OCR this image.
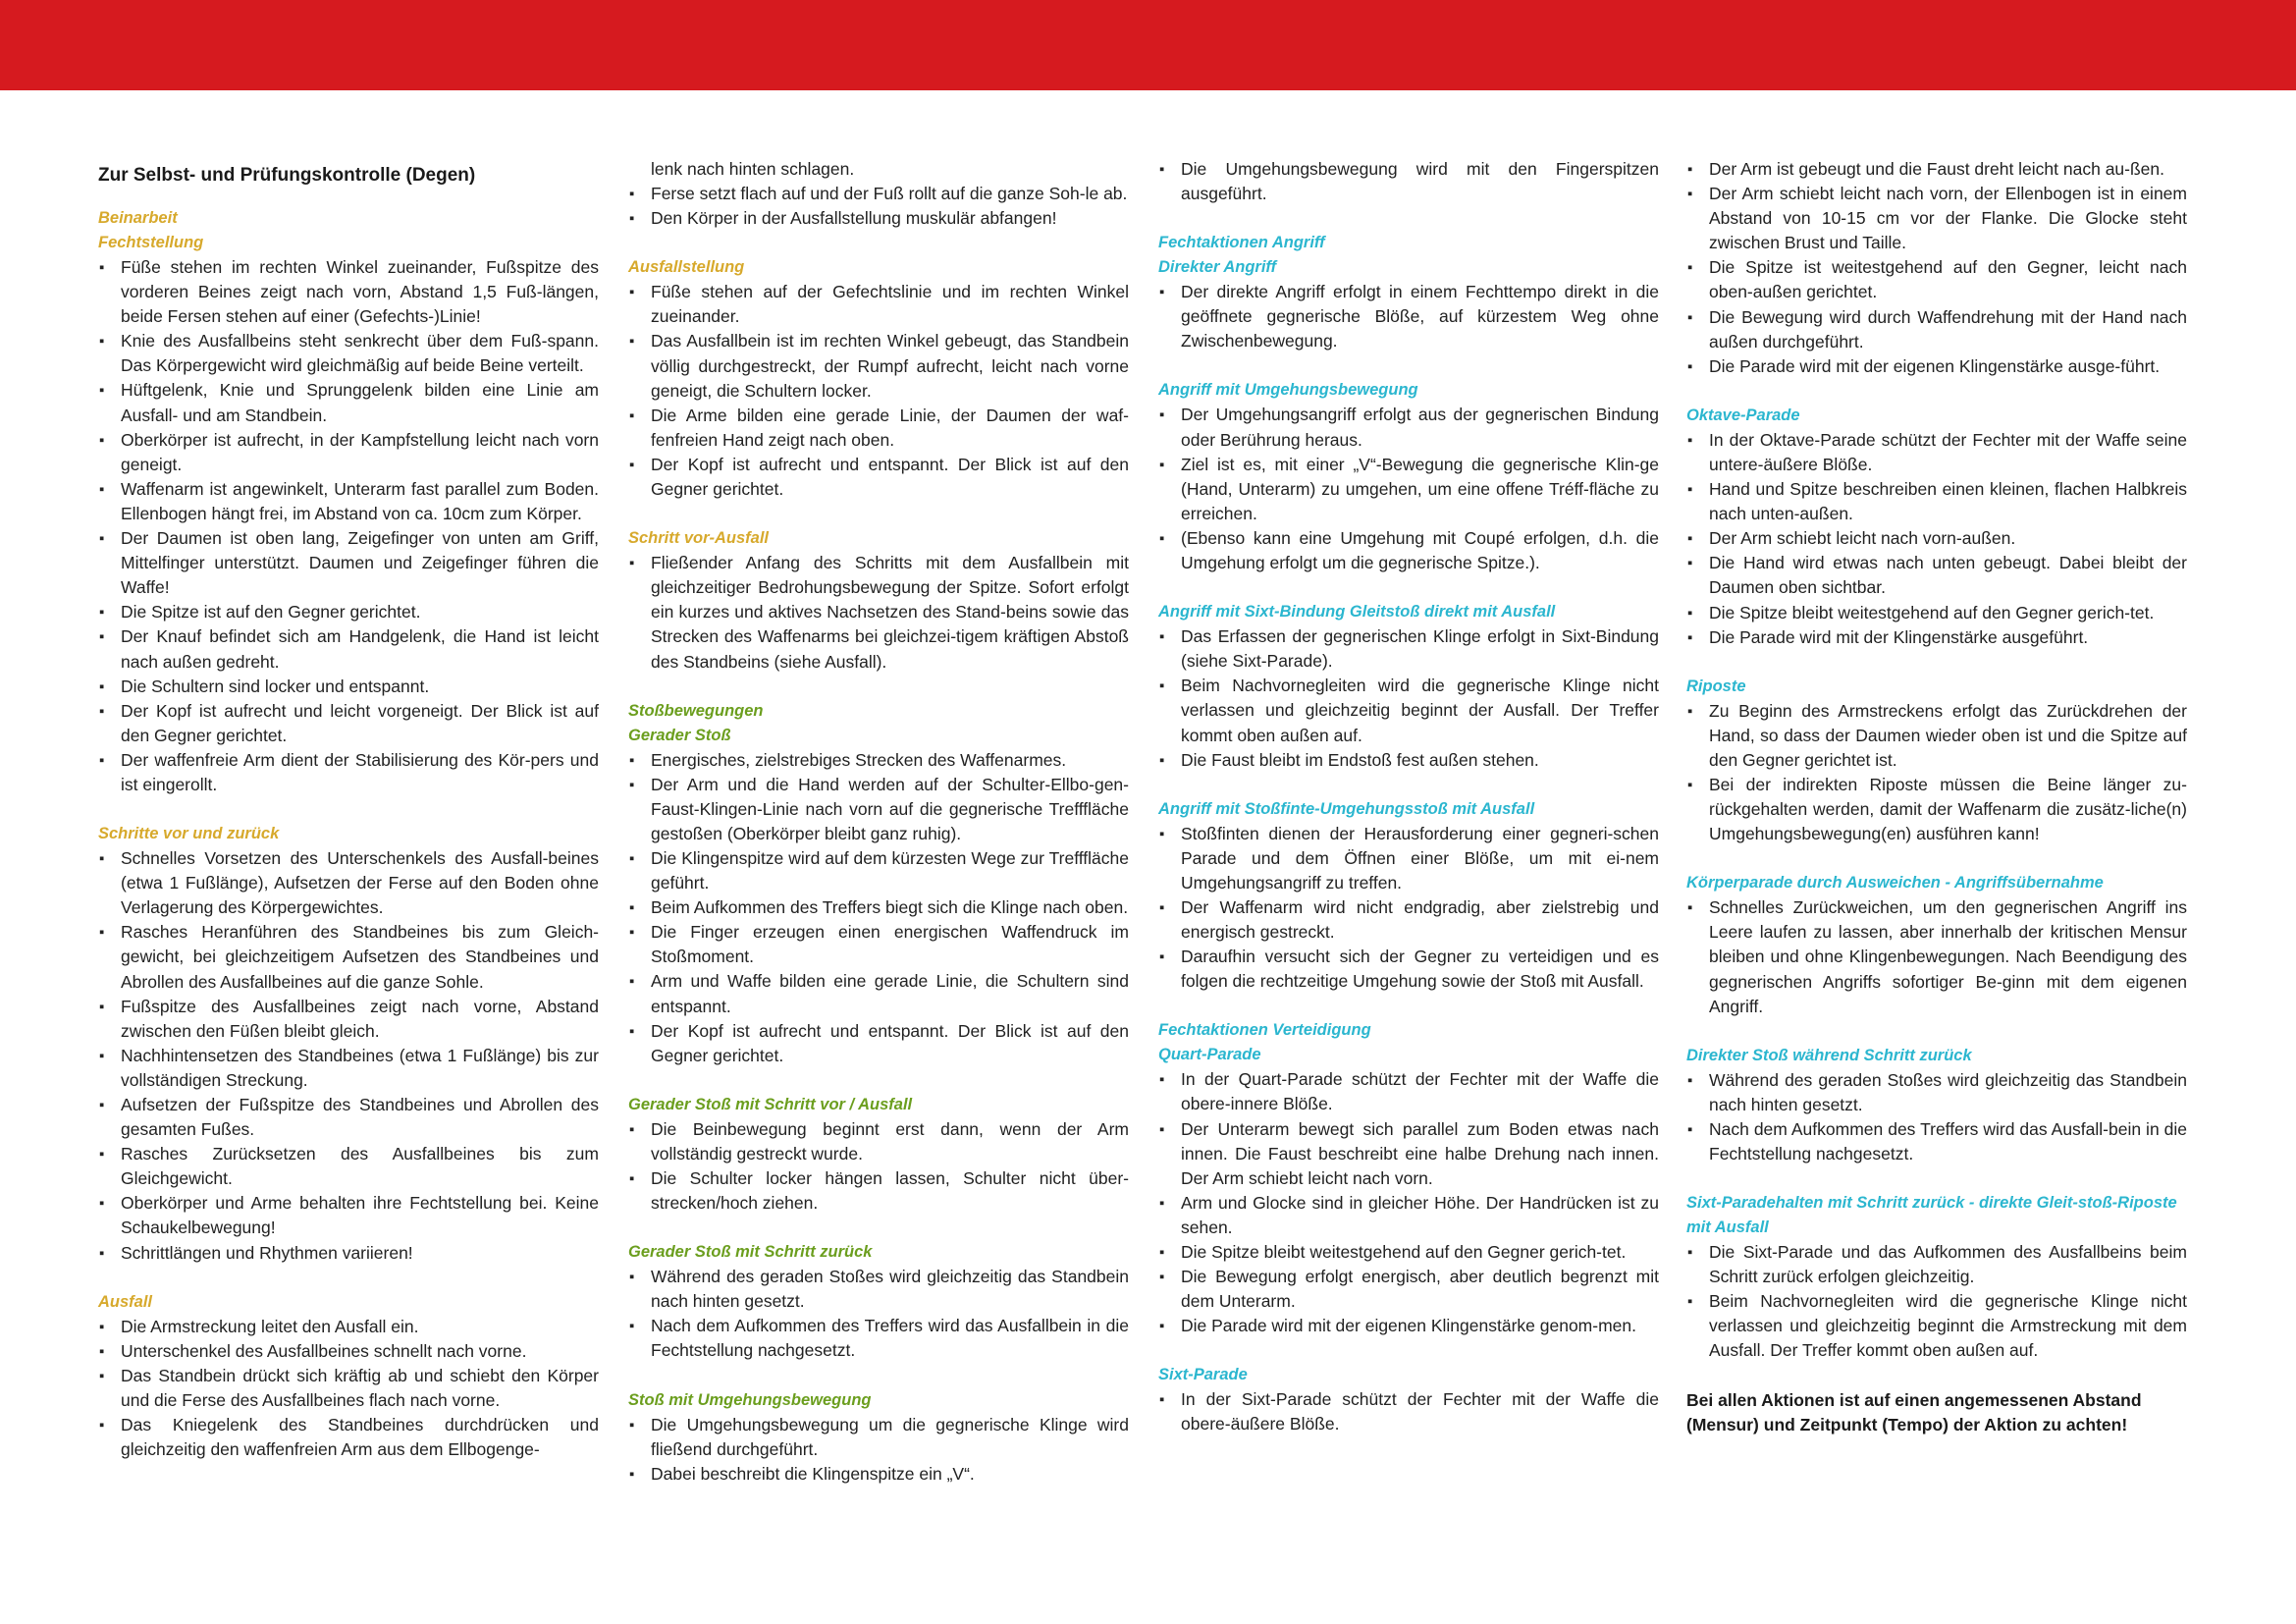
Zur Selbst- und Prüfungskontrolle (Degen)
Beinarbeit
Fechtstellung
▪ Füße stehen im rechten Winkel zueinander, Fußspitze des vorderen Beines zeigt nach vorn, Abstand 1,5 Fuß-längen, beide Fersen stehen auf einer (Gefechts-)Linie!
▪ Knie des Ausfallbeins steht senkrecht über dem Fuß-spann. Das Körpergewicht wird gleichmäßig auf beide Beine verteilt.
▪ Hüftgelenk, Knie und Sprunggelenk bilden eine Linie am Ausfall- und am Standbein.
▪ Oberkörper ist aufrecht, in der Kampfstellung leicht nach vorn geneigt.
▪ Waffenarm ist angewinkelt, Unterarm fast parallel zum Boden. Ellenbogen hängt frei, im Abstand von ca. 10cm zum Körper.
▪ Der Daumen ist oben lang, Zeigefinger von unten am Griff, Mittelfinger unterstützt. Daumen und Zeigefinger führen die Waffe!
▪ Die Spitze ist auf den Gegner gerichtet.
▪ Der Knauf befindet sich am Handgelenk, die Hand ist leicht nach außen gedreht.
▪ Die Schultern sind locker und entspannt.
▪ Der Kopf ist aufrecht und leicht vorgeneigt. Der Blick ist auf den Gegner gerichtet.
▪ Der waffenfreie Arm dient der Stabilisierung des Kör-pers und ist eingerollt.
Schritte vor und zurück
▪ Schnelles Vorsetzen des Unterschenkels des Ausfall-beines (etwa 1 Fußlänge), Aufsetzen der Ferse auf den Boden ohne Verlagerung des Körpergewichtes.
▪ Rasches Heranführen des Standbeines bis zum Gleich-gewicht, bei gleichzeitigem Aufsetzen des Standbeines und Abrollen des Ausfallbeines auf die ganze Sohle.
▪ Fußspitze des Ausfallbeines zeigt nach vorne, Abstand zwischen den Füßen bleibt gleich.
▪ Nachhintensetzen des Standbeines (etwa 1 Fußlänge) bis zur vollständigen Streckung.
▪ Aufsetzen der Fußspitze des Standbeines und Abrollen des gesamten Fußes.
▪ Rasches Zurücksetzen des Ausfallbeines bis zum Gleichgewicht.
▪ Oberkörper und Arme behalten ihre Fechtstellung bei. Keine Schaukelbewegung!
▪ Schrittlängen und Rhythmen variieren!
Ausfall
▪ Die Armstreckung leitet den Ausfall ein.
▪ Unterschenkel des Ausfallbeines schnellt nach vorne.
▪ Das Standbein drückt sich kräftig ab und schiebt den Körper und die Ferse des Ausfallbeines flach nach vorne.
▪ Das Kniegelenk des Standbeines durchdrücken und gleichzeitig den waffenfreien Arm aus dem Ellbogenge-
lenk nach hinten schlagen.
▪ Ferse setzt flach auf und der Fuß rollt auf die ganze Soh-le ab.
▪ Den Körper in der Ausfallstellung muskulär abfangen!
Ausfallstellung
▪ Füße stehen auf der Gefechtslinie und im rechten Winkel zueinander.
▪ Das Ausfallbein ist im rechten Winkel gebeugt, das Standbein völlig durchgestreckt, der Rumpf aufrecht, leicht nach vorne geneigt, die Schultern locker.
▪ Die Arme bilden eine gerade Linie, der Daumen der waf-fenfreien Hand zeigt nach oben.
▪ Der Kopf ist aufrecht und entspannt. Der Blick ist auf den Gegner gerichtet.
Schritt vor-Ausfall
▪ Fließender Anfang des Schritts mit dem Ausfallbein mit gleichzeitiger Bedrohungsbewegung der Spitze. Sofort erfolgt ein kurzes und aktives Nachsetzen des Stand-beins sowie das Strecken des Waffenarms bei gleichzei-tigem kräftigen Abstoß des Standbeins (siehe Ausfall).
Stoßbewegungen
Gerader Stoß
▪ Energisches, zielstrebiges Strecken des Waffenarmes.
▪ Der Arm und die Hand werden auf der Schulter-Ellbo-gen-Faust-Klingen-Linie nach vorn auf die gegnerische Trefffläche gestoßen (Oberkörper bleibt ganz ruhig).
▪ Die Klingenspitze wird auf dem kürzesten Wege zur Trefffläche geführt.
▪ Beim Aufkommen des Treffers biegt sich die Klinge nach oben.
▪ Die Finger erzeugen einen energischen Waffendruck im Stoßmoment.
▪ Arm und Waffe bilden eine gerade Linie, die Schultern sind entspannt.
▪ Der Kopf ist aufrecht und entspannt. Der Blick ist auf den Gegner gerichtet.
Gerader Stoß mit Schritt vor / Ausfall
▪ Die Beinbewegung beginnt erst dann, wenn der Arm vollständig gestreckt wurde.
▪ Die Schulter locker hängen lassen, Schulter nicht über-strecken/hoch ziehen.
Gerader Stoß mit Schritt zurück
▪ Während des geraden Stoßes wird gleichzeitig das Standbein nach hinten gesetzt.
▪ Nach dem Aufkommen des Treffers wird das Ausfallbein in die Fechtstellung nachgesetzt.
Stoß mit Umgehungsbewegung
▪ Die Umgehungsbewegung um die gegnerische Klinge wird fließend durchgeführt.
▪ Dabei beschreibt die Klingenspitze ein „V“.
▪ Die Umgehungsbewegung wird mit den Fingerspitzen ausgeführt.
Fechtaktionen Angriff
Direkter Angriff
▪ Der direkte Angriff erfolgt in einem Fechttempo direkt in die geöffnete gegnerische Blöße, auf kürzestem Weg ohne Zwischenbewegung.
Angriff mit Umgehungsbewegung
▪ Der Umgehungsangriff erfolgt aus der gegnerischen Bindung oder Berührung heraus.
▪ Ziel ist es, mit einer „V“-Bewegung die gegnerische Klin-ge (Hand, Unterarm) zu umgehen, um eine offene Tréff-fläche zu erreichen.
▪ (Ebenso kann eine Umgehung mit Coupé erfolgen, d.h. die Umgehung erfolgt um die gegnerische Spitze.).
Angriff mit Sixt-Bindung Gleitstoß direkt mit Ausfall
▪ Das Erfassen der gegnerischen Klinge erfolgt in Sixt-Bindung (siehe Sixt-Parade).
▪ Beim Nachvornegleiten wird die gegnerische Klinge nicht verlassen und gleichzeitig beginnt der Ausfall. Der Treffer kommt oben außen auf.
▪ Die Faust bleibt im Endstoß fest außen stehen.
Angriff mit Stoßfinte-Umgehungsstoß mit Ausfall
▪ Stoßfinten dienen der Herausforderung einer gegneri-schen Parade und dem Öffnen einer Blöße, um mit ei-nem Umgehungsangriff zu treffen.
▪ Der Waffenarm wird nicht endgradig, aber zielstrebig und energisch gestreckt.
▪ Daraufhin versucht sich der Gegner zu verteidigen und es folgen die rechtzeitige Umgehung sowie der Stoß mit Ausfall.
Fechtaktionen Verteidigung
Quart-Parade
▪ In der Quart-Parade schützt der Fechter mit der Waffe die obere-innere Blöße.
▪ Der Unterarm bewegt sich parallel zum Boden etwas nach innen. Die Faust beschreibt eine halbe Drehung nach innen. Der Arm schiebt leicht nach vorn.
▪ Arm und Glocke sind in gleicher Höhe. Der Handrücken ist zu sehen.
▪ Die Spitze bleibt weitestgehend auf den Gegner gerich-tet.
▪ Die Bewegung erfolgt energisch, aber deutlich begrenzt mit dem Unterarm.
▪ Die Parade wird mit der eigenen Klingenstärke genom-men.
Sixt-Parade
▪ In der Sixt-Parade schützt der Fechter mit der Waffe die obere-äußere Blöße.
▪ Der Arm ist gebeugt und die Faust dreht leicht nach au-ßen.
▪ Der Arm schiebt leicht nach vorn, der Ellenbogen ist in einem Abstand von 10-15 cm vor der Flanke. Die Glocke steht zwischen Brust und Taille.
▪ Die Spitze ist weitestgehend auf den Gegner, leicht nach oben-außen gerichtet.
▪ Die Bewegung wird durch Waffendrehung mit der Hand nach außen durchgeführt.
▪ Die Parade wird mit der eigenen Klingenstärke ausge-führt.
Oktave-Parade
▪ In der Oktave-Parade schützt der Fechter mit der Waffe seine untere-äußere Blöße.
▪ Hand und Spitze beschreiben einen kleinen, flachen Halbkreis nach unten-außen.
▪ Der Arm schiebt leicht nach vorn-außen.
▪ Die Hand wird etwas nach unten gebeugt. Dabei bleibt der Daumen oben sichtbar.
▪ Die Spitze bleibt weitestgehend auf den Gegner gerich-tet.
▪ Die Parade wird mit der Klingenstärke ausgeführt.
Riposte
▪ Zu Beginn des Armstreckens erfolgt das Zurückdrehen der Hand, so dass der Daumen wieder oben ist und die Spitze auf den Gegner gerichtet ist.
▪ Bei der indirekten Riposte müssen die Beine länger zu-rückgehalten werden, damit der Waffenarm die zusätz-liche(n) Umgehungsbewegung(en) ausführen kann!
Körperparade durch Ausweichen - Angriffsübernahme
▪ Schnelles Zurückweichen, um den gegnerischen Angriff ins Leere laufen zu lassen, aber innerhalb der kritischen Mensur bleiben und ohne Klingenbewegungen. Nach Beendigung des gegnerischen Angriffs sofortiger Be-ginn mit dem eigenen Angriff.
Direkter Stoß während Schritt zurück
▪ Während des geraden Stoßes wird gleichzeitig das Standbein nach hinten gesetzt.
▪ Nach dem Aufkommen des Treffers wird das Ausfall-bein in die Fechtstellung nachgesetzt.
Sixt-Paradehalten mit Schritt zurück - direkte Gleit-stoß-Riposte mit Ausfall
▪ Die Sixt-Parade und das Aufkommen des Ausfallbeins beim Schritt zurück erfolgen gleichzeitig.
▪ Beim Nachvornegleiten wird die gegnerische Klinge nicht verlassen und gleichzeitig beginnt die Armstreckung mit dem Ausfall. Der Treffer kommt oben außen auf.
Bei allen Aktionen ist auf einen angemessenen Abstand (Mensur) und Zeitpunkt (Tempo) der Aktion zu achten!
